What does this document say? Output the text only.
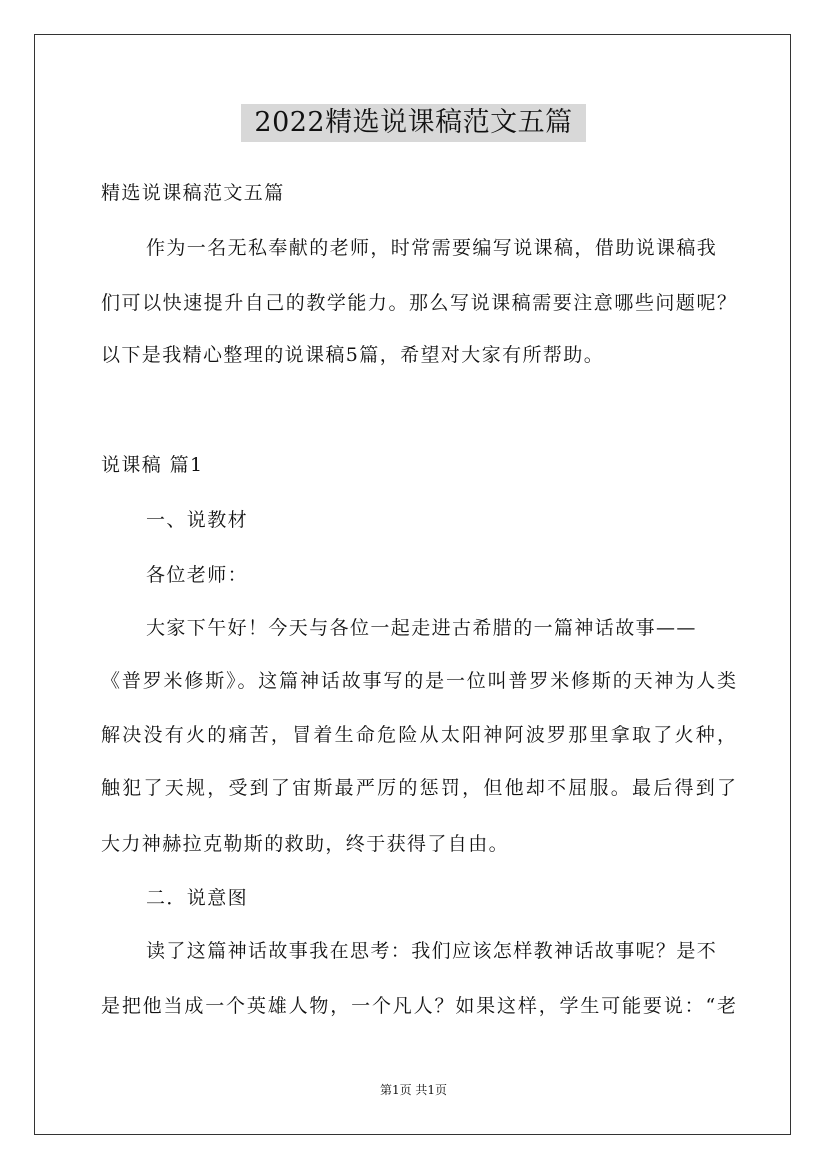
2022精选说课稿范文五篇
精选说课稿范文五篇
作为一名无私奉献的老师，时常需要编写说课稿，借助说课稿我
们可以快速提升自己的教学能力。那么写说课稿需要注意哪些问题呢？
以下是我精心整理的说课稿5篇，希望对大家有所帮助。
说课稿 篇1
一、说教材
各位老师：
大家下午好！今天与各位一起走进古希腊的一篇神话故事——
《普罗米修斯》。这篇神话故事写的是一位叫普罗米修斯的天神为人类
解决没有火的痛苦，冒着生命危险从太阳神阿波罗那里拿取了火种，
触犯了天规，受到了宙斯最严厉的惩罚，但他却不屈服。最后得到了
大力神赫拉克勒斯的救助，终于获得了自由。
二．说意图
读了这篇神话故事我在思考：我们应该怎样教神话故事呢？是不
是把他当成一个英雄人物，一个凡人？如果这样，学生可能要说：“老
第1页 共1页
